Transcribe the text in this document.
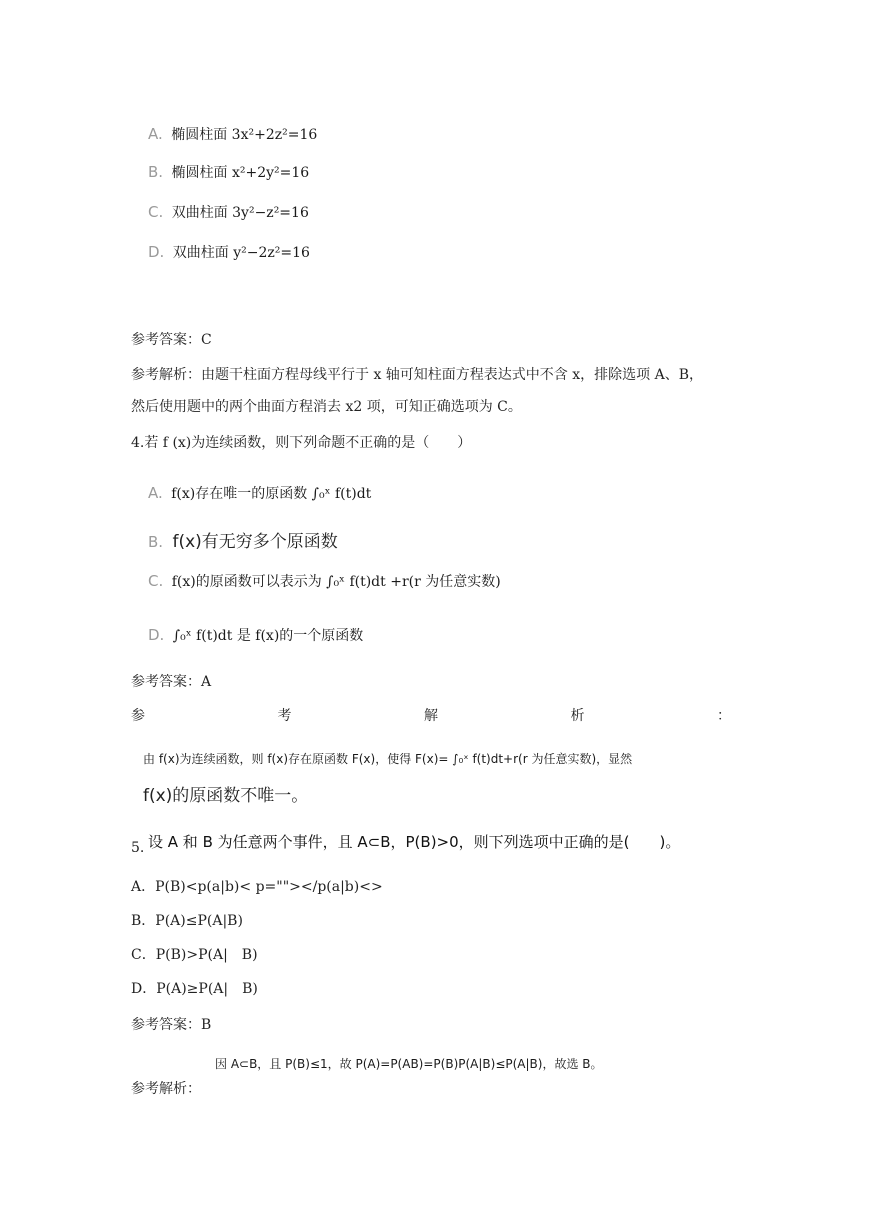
A. 椭圆柱面 3x²+2z²=16
B. 椭圆柱面 x²+2y²=16
C. 双曲柱面 3y²−z²=16
D. 双曲柱面 y²−2z²=16
参考答案：C
参考解析：由题干柱面方程母线平行于 x 轴可知柱面方程表达式中不含 x，排除选项 A、B，
然后使用题中的两个曲面方程消去 x2 项，可知正确选项为 C。
4.若 f (x)为连续函数，则下列命题不正确的是（　　）
A. f(x)存在唯一的原函数 ∫₀ˣ f(t)dt
B. f(x)有无穷多个原函数
C. f(x)的原函数可以表示为 ∫₀ˣ f(t)dt +r(r 为任意实数)
D. ∫₀ˣ f(t)dt 是 f(x)的一个原函数
参考答案：A
参	考	解	析	：
由 f(x)为连续函数，则 f(x)存在原函数 F(x)，使得 F(x)= ∫₀ˣ f(t)dt+r(r 为任意实数)，显然
f(x)的原函数不唯一。
5. 设 A 和 B 为任意两个事件，且 A⊂B，P(B)>0，则下列选项中正确的是(　　)。
A．P(B)<p(a|b)< p=""></p(a|b)<>
B．P(A)≤P(A|B)
C．P(B)>P(A|　B)
D．P(A)≥P(A|　B)
参考答案：B
因 A⊂B，且 P(B)≤1，故 P(A)=P(AB)=P(B)P(A|B)≤P(A|B)，故选 B。
参考解析：
